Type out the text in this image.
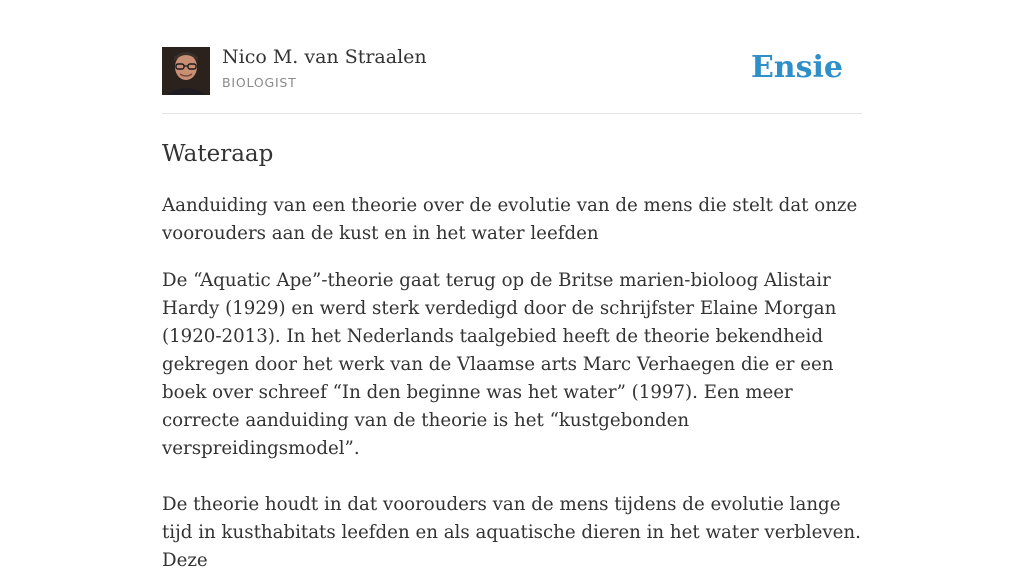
Nico M. van Straalen
BIOLOGIST	Ensie
Wateraap

Aanduiding van een theorie over de evolutie van de mens die stelt dat onze voorouders aan de kust en in het water leefden

De “Aquatic Ape”-theorie gaat terug op de Britse marien-bioloog Alistair Hardy (1929) en werd sterk verdedigd door de schrijfster Elaine Morgan (1920-2013). In het Nederlands taalgebied heeft de theorie bekendheid gekregen door het werk van de Vlaamse arts Marc Verhaegen die er een boek over schreef “In den beginne was het water” (1997). Een meer correcte aanduiding van de theorie is het “kustgebonden verspreidingsmodel”.

De theorie houdt in dat voorouders van de mens tijdens de evolutie lange tijd in kusthabitats leefden en als aquatische dieren in het water verbleven. Deze
